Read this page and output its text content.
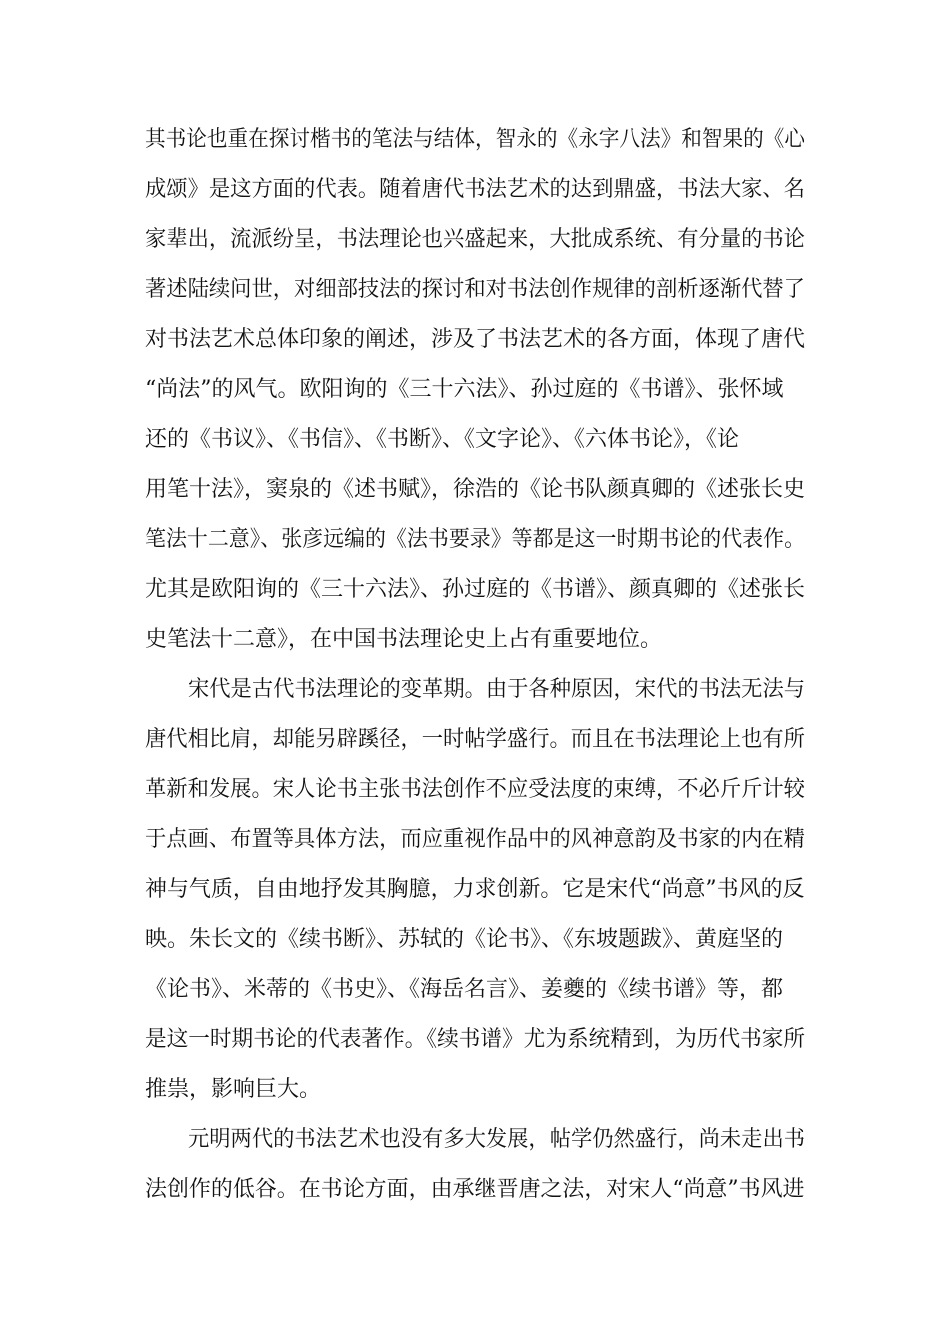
其书论也重在探讨楷书的笔法与结体，智永的《永字八法》和智果的《心
成颂》是这方面的代表。随着唐代书法艺术的达到鼎盛，书法大家、名
家辈出，流派纷呈，书法理论也兴盛起来，大批成系统、有分量的书论
著述陆续问世，对细部技法的探讨和对书法创作规律的剖析逐渐代替了
对书法艺术总体印象的阐述，涉及了书法艺术的各方面，体现了唐代
“尚法”的风气。欧阳询的《三十六法》、孙过庭的《书谱》、张怀域
还的《书议》、《书信》、《书断》、《文字论》、《六体书论》，《论
用笔十法》，窦泉的《述书赋》，徐浩的《论书队颜真卿的《述张长史
笔法十二意》、张彦远编的《法书要录》等都是这一时期书论的代表作。
尤其是欧阳询的《三十六法》、孙过庭的《书谱》、颜真卿的《述张长
史笔法十二意》，在中国书法理论史上占有重要地位。
宋代是古代书法理论的变革期。由于各种原因，宋代的书法无法与
唐代相比肩，却能另辟蹊径，一时帖学盛行。而且在书法理论上也有所
革新和发展。宋人论书主张书法创作不应受法度的束缚，不必斤斤计较
于点画、布置等具体方法，而应重视作品中的风神意韵及书家的内在精
神与气质，自由地抒发其胸臆，力求创新。它是宋代“尚意”书风的反
映。朱长文的《续书断》、苏轼的《论书》、《东坡题跋》、黄庭坚的
《论书》、米蒂的《书史》、《海岳名言》、姜夔的《续书谱》等，都
是这一时期书论的代表著作。《续书谱》尤为系统精到，为历代书家所
推祟，影响巨大。
元明两代的书法艺术也没有多大发展，帖学仍然盛行，尚未走出书
法创作的低谷。在书论方面，由承继晋唐之法，对宋人“尚意”书风进
